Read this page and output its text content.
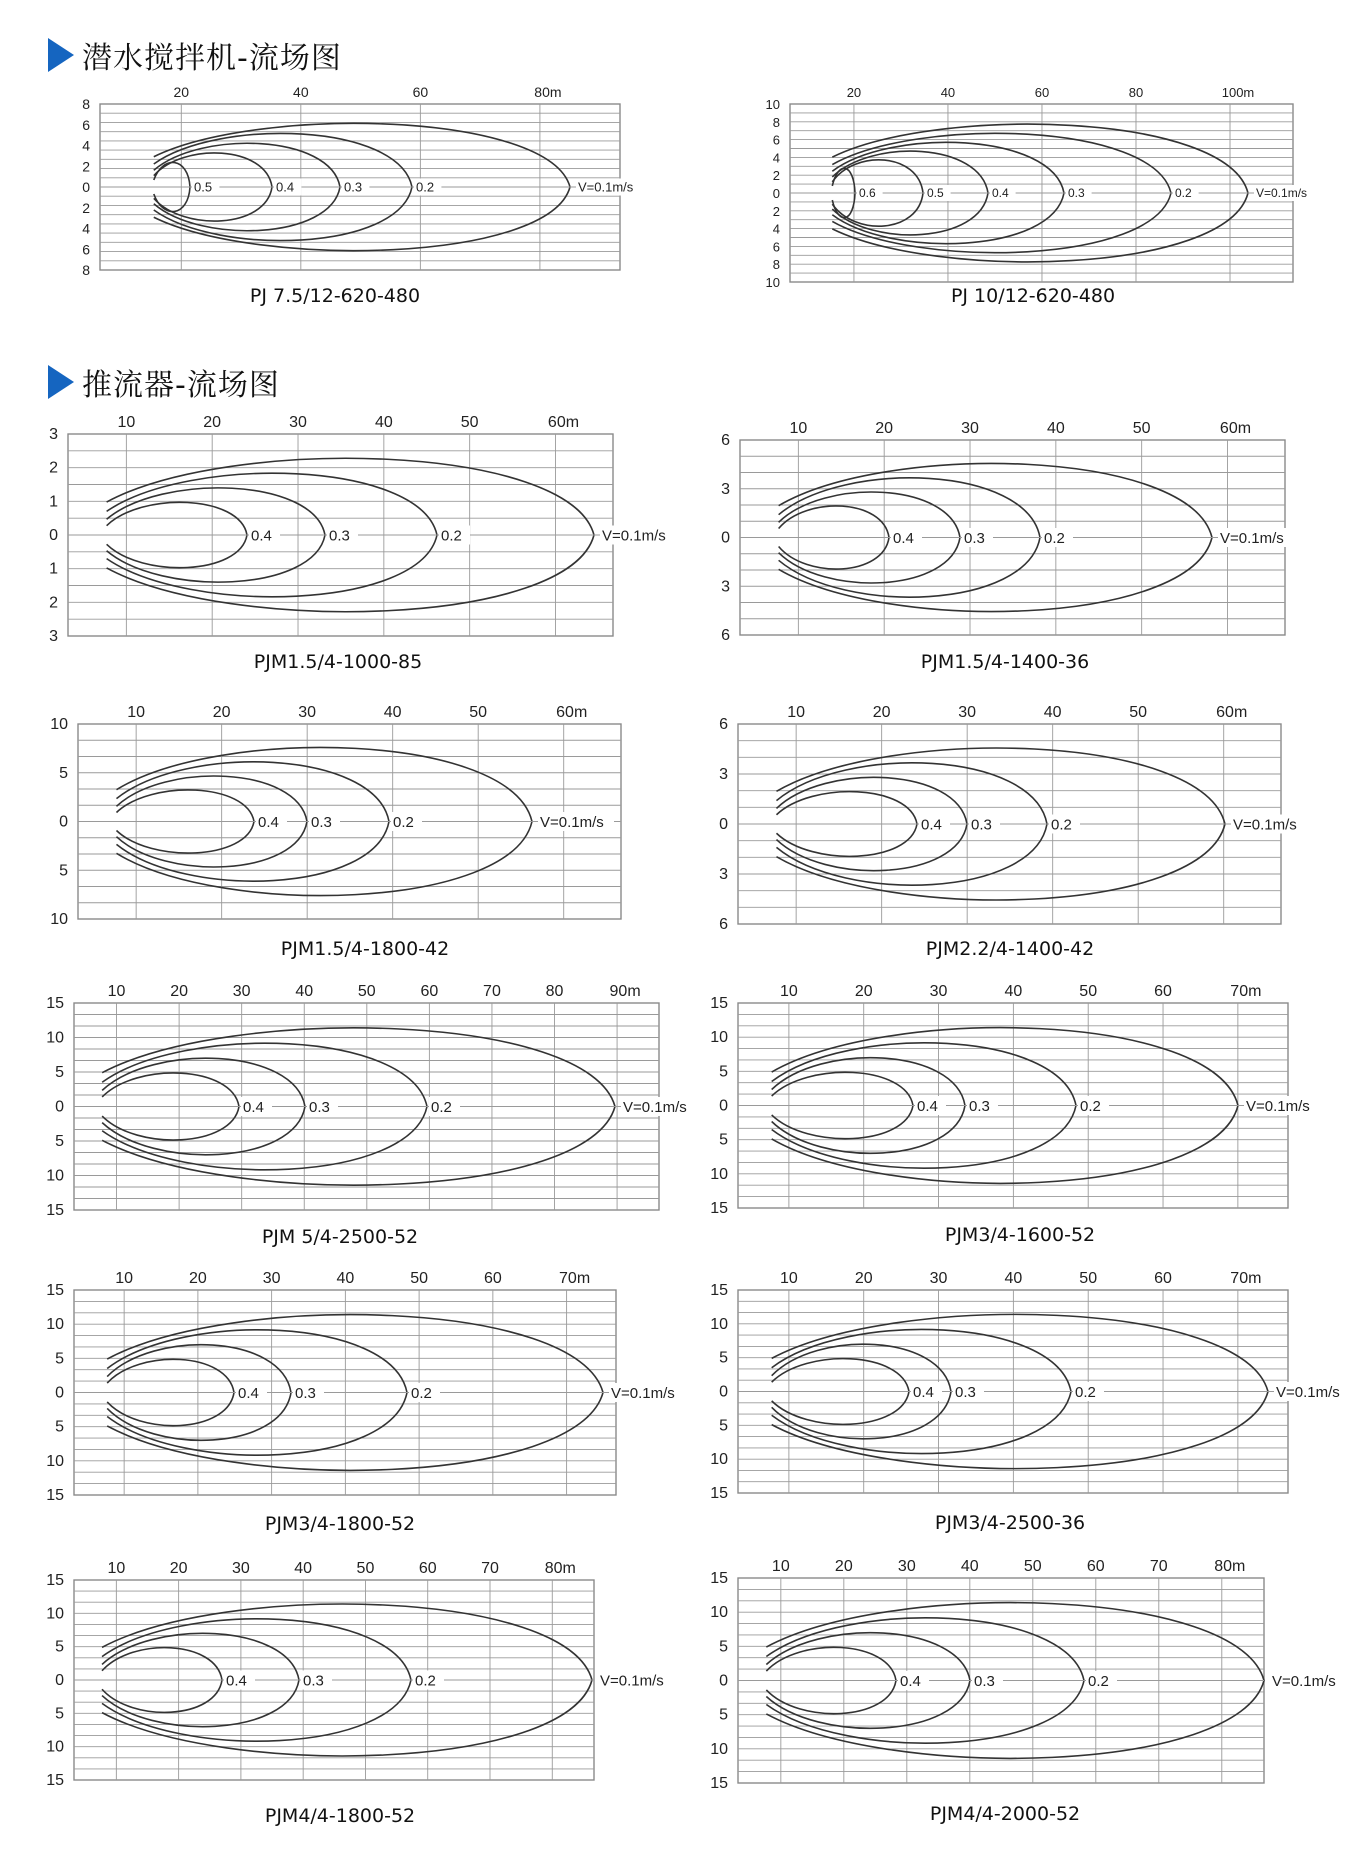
潜水搅拌机-流场图
推流器-流场图
20	40	60	80m
8
6
4
2
0
2
4
6
8
0.5	0.4	0.3	0.2	V=0.1m/s
PJ 7.5/12-620-480
20	40	60	80	100m
10
8
6
4
2
0
2
4
6
8
10
0.6	0.5	0.4	0.3	0.2	V=0.1m/s
PJ 10/12-620-480
10	20	30	40	50	60m
3
2
1
0
1
2
3
0.4	0.3	0.2	V=0.1m/s
PJM1.5/4-1000-85
10	20	30	40	50	60m
6
3
0
3
6
0.4	0.3	0.2	V=0.1m/s
PJM1.5/4-1400-36
10	20	30	40	50	60m
10
5
0
5
10
0.4 0.3	0.2	V=0.1m/s
PJM1.5/4-1800-42
10	20	30	40	50	60m
6
3
0
3
6
0.4 0.3	0.2	V=0.1m/s
PJM2.2/4-1400-42
10	20	30	40	50	60	70	80	90m
15
10
5
0
5
10
15
0.4	0.3	0.2	V=0.1m/s
PJM 5/4-2500-52
10	20	30	40	50	60	70m
15
10
5
0
5
10
15
0.4 0.3	0.2	V=0.1m/s
PJM3/4-1600-52
10	20	30	40	50	60	70m
15
10
5
0
5
10
15
0.4 0.3	0.2	V=0.1m/s
PJM3/4-1800-52
10	20	30	40	50	60	70m
15
10
5
0
5
10
15
0.4 0.3	0.2	V=0.1m/s
PJM3/4-2500-36
10	20	30	40	50	60	70	80m
15
10
5
0
5
10
15
0.4	0.3	0.2	V=0.1m/s
PJM4/4-1800-52
10	20	30	40	50	60	70	80m
15
10
5
0
5
10
15
0.4	0.3	0.2	V=0.1m/s
PJM4/4-2000-52
